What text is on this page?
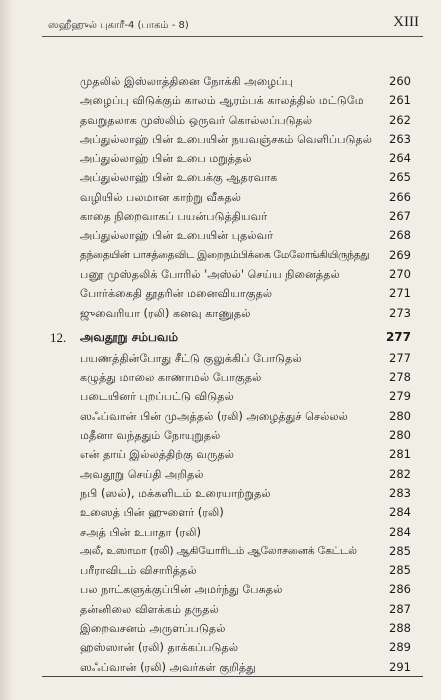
ஸஹீஹுல் புகாரீ-4 (பாகம் - 8)	XIII
முதலில் இஸ்லாத்தினை நோக்கி அழைப்பு	260
அழைப்பு விடுக்கும் காலம் ஆரம்பக் காலத்தில் மட்டுமே 261
தவறுதலாக முஸ்லிம் ஒருவர் கொல்லப்படுதல்	262
அப்துல்லாஹ் பின் உபையின் நயவஞ்சகம் வெளிப்படுதல் 263
அப்துல்லாஹ் பின் உபை மறுத்தல்	264
அப்துல்லாஹ் பின் உபைக்கு ஆதரவாக	265
வழியில் பலமான காற்று வீசுதல்	266
காதை நிறைவாகப் பயன்படுத்தியவர்	267
அப்துல்லாஹ் பின் உபையின் புதல்வர்	268
தந்தையின் பாசத்தைவிட இறைநம்பிக்கை மேலோங்கியிருந்தது 269
பனூ முஸ்தலிக் போரில் 'அஸ்ல்' செய்ய நினைத்தல்	270
போர்க்கைதி தூதரின் மனைவியாகுதல்	271
ஜுவைரியா (ரலி) கனவு காணுதல்	273
12. அவதூறு சம்பவம்	277
பயணத்தின்போது சீட்டு குலுக்கிப் போடுதல்	277
கழுத்து மாலை காணாமல் போகுதல்	278
படையினர் புறப்பட்டு விடுதல்	279
ஸஃப்வான் பின் முஅத்தல் (ரலி) அழைத்துச் செல்லல்	280
மதீனா வந்ததும் நோயுறுதல்	280
என் தாய் இல்லத்திற்கு வருதல்	281
அவதூறு செய்தி அறிதல்	282
நபி (ஸல்), மக்களிடம் உரையாற்றுதல்	283
உஸைத் பின் ஹுளைர் (ரலி)	284
சஅத் பின் உபாதா (ரலி)	284
அலீ, உஸாமா (ரலி) ஆகியோரிடம் ஆலோசனைக் கேட்டல்	285
பரீராவிடம் விசாரித்தல்	285
பல நாட்களுக்குப்பின் அமர்ந்து பேசுதல்	286
தன்னிலை விளக்கம் தருதல்	287
இறைவசனம் அருளப்படுதல்	288
ஹஸ்ஸான் (ரலி) தாக்கப்படுதல்	289
ஸஃப்வான் (ரலி) அவர்கள் குறித்து	291
